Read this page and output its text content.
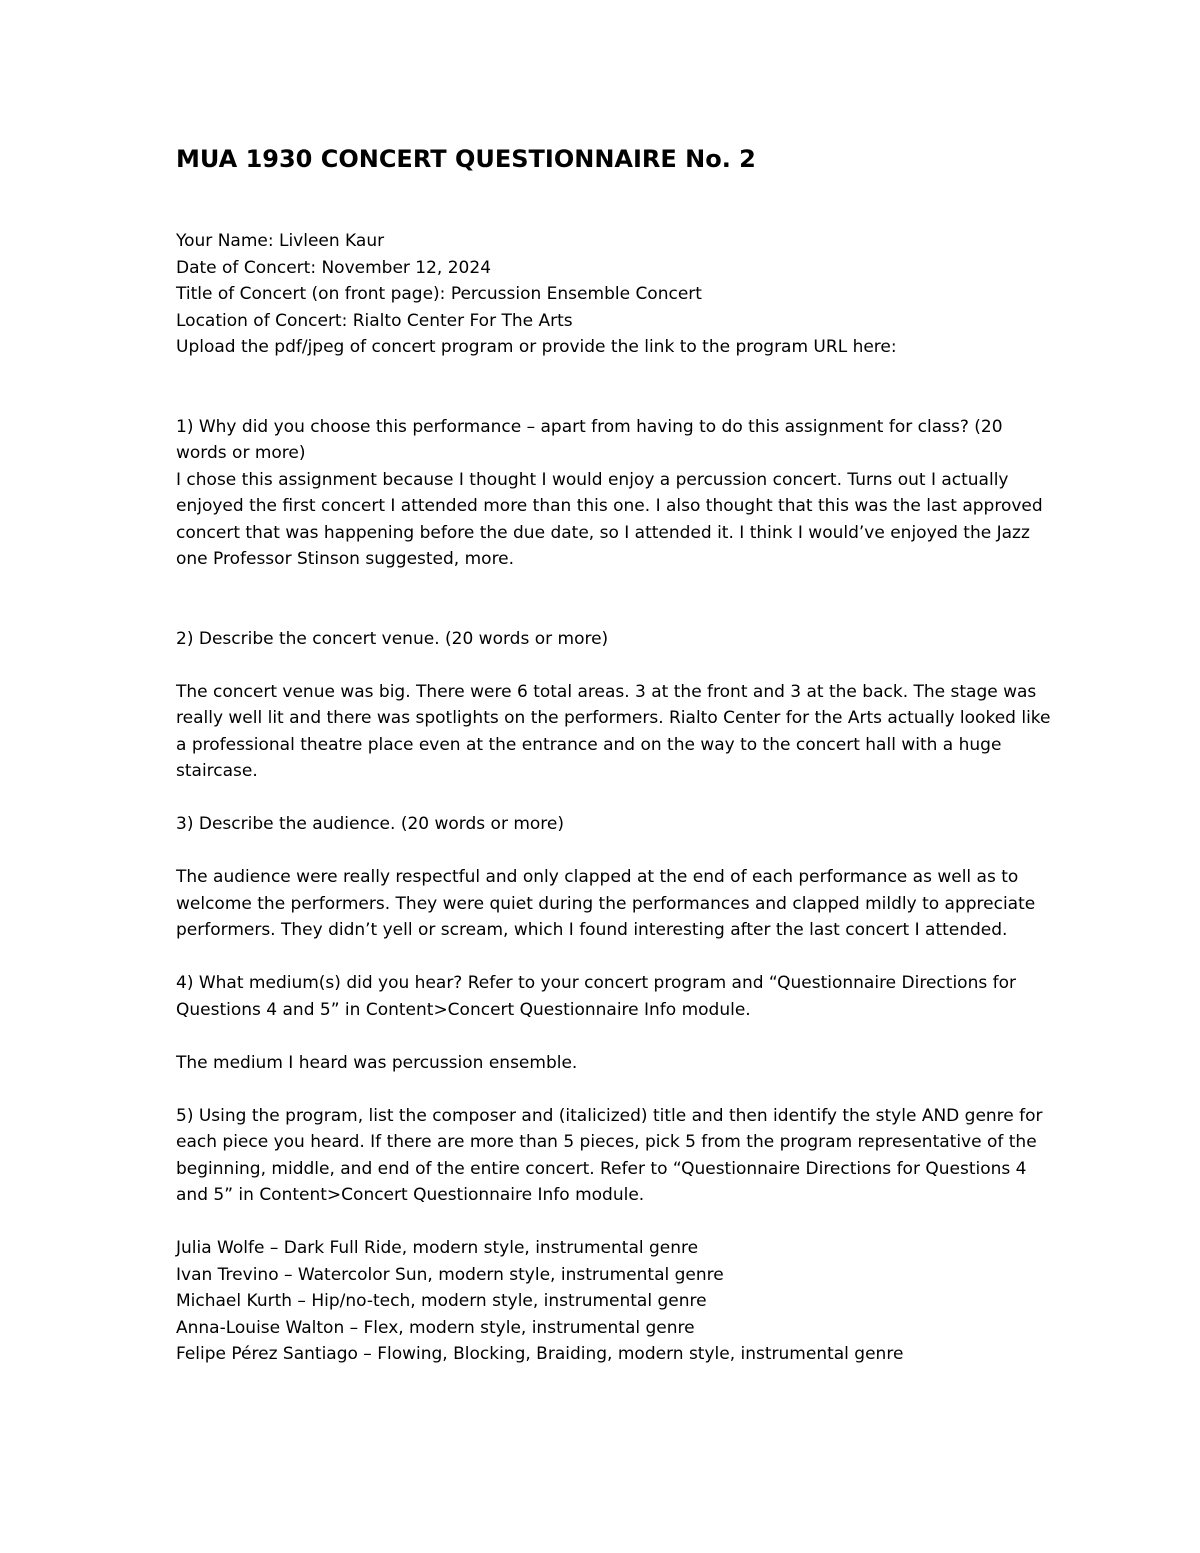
MUA 1930 CONCERT QUESTIONNAIRE No. 2

Your Name: Livleen Kaur

Date of Concert: November 12, 2024

Title of Concert (on front page): Percussion Ensemble Concert

Location of Concert: Rialto Center For The Arts

Upload the pdf/jpeg of concert program or provide the link to the program URL here:

1) Why did you choose this performance – apart from having to do this assignment for class? (20 words or more)

I chose this assignment because I thought I would enjoy a percussion concert. Turns out I actually enjoyed the first concert I attended more than this one. I also thought that this was the last approved concert that was happening before the due date, so I attended it. I think I would’ve enjoyed the Jazz one Professor Stinson suggested, more.

2) Describe the concert venue. (20 words or more)

The concert venue was big. There were 6 total areas. 3 at the front and 3 at the back. The stage was really well lit and there was spotlights on the performers. Rialto Center for the Arts actually looked like a professional theatre place even at the entrance and on the way to the concert hall with a huge staircase.

3) Describe the audience. (20 words or more)

The audience were really respectful and only clapped at the end of each performance as well as to welcome the performers. They were quiet during the performances and clapped mildly to appreciate performers. They didn’t yell or scream, which I found interesting after the last concert I attended.

4) What medium(s) did you hear? Refer to your concert program and “Questionnaire Directions for Questions 4 and 5” in Content>Concert Questionnaire Info module.

The medium I heard was percussion ensemble.

5) Using the program, list the composer and (italicized) title and then identify the style AND genre for each piece you heard. If there are more than 5 pieces, pick 5 from the program representative of the beginning, middle, and end of the entire concert. Refer to “Questionnaire Directions for Questions 4 and 5” in Content>Concert Questionnaire Info module.

Julia Wolfe – Dark Full Ride, modern style, instrumental genre

Ivan Trevino – Watercolor Sun, modern style, instrumental genre

Michael Kurth – Hip/no-tech, modern style, instrumental genre

Anna-Louise Walton – Flex, modern style, instrumental genre

Felipe Pérez Santiago – Flowing, Blocking, Braiding, modern style, instrumental genre
